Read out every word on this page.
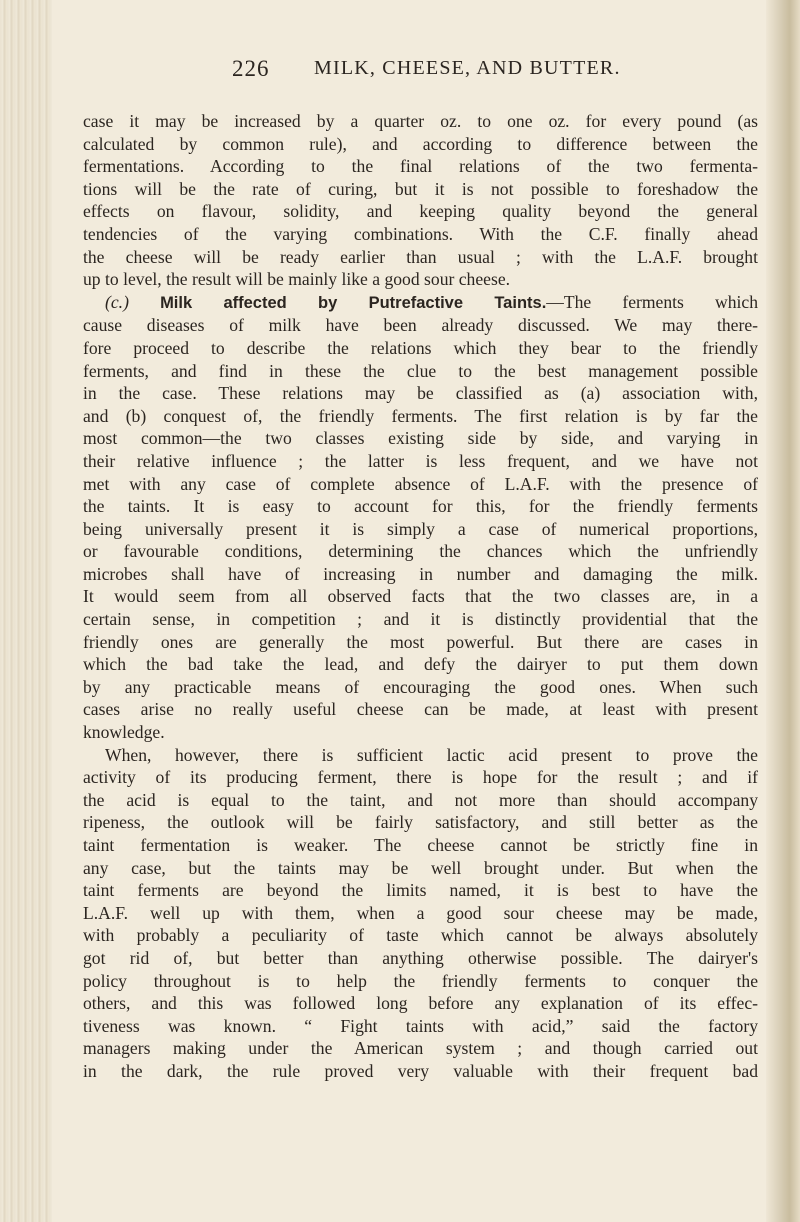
226 MILK, CHEESE, AND BUTTER.
case it may be increased by a quarter oz. to one oz. for every pound (as
calculated by common rule), and according to difference between the
fermentations. According to the final relations of the two fermenta-
tions will be the rate of curing, but it is not possible to foreshadow the
effects on flavour, solidity, and keeping quality beyond the general
tendencies of the varying combinations. With the C.F. finally ahead
the cheese will be ready earlier than usual ; with the L.A.F. brought
up to level, the result will be mainly like a good sour cheese.
(c.) Milk affected by Putrefactive Taints.—The ferments which
cause diseases of milk have been already discussed. We may there-
fore proceed to describe the relations which they bear to the friendly
ferments, and find in these the clue to the best management possible
in the case. These relations may be classified as (a) association with,
and (b) conquest of, the friendly ferments. The first relation is by far the
most common—the two classes existing side by side, and varying in
their relative influence ; the latter is less frequent, and we have not
met with any case of complete absence of L.A.F. with the presence of
the taints. It is easy to account for this, for the friendly ferments
being universally present it is simply a case of numerical proportions,
or favourable conditions, determining the chances which the unfriendly
microbes shall have of increasing in number and damaging the milk.
It would seem from all observed facts that the two classes are, in a
certain sense, in competition ; and it is distinctly providential that the
friendly ones are generally the most powerful. But there are cases in
which the bad take the lead, and defy the dairyer to put them down
by any practicable means of encouraging the good ones. When such
cases arise no really useful cheese can be made, at least with present
knowledge.
When, however, there is sufficient lactic acid present to prove the
activity of its producing ferment, there is hope for the result ; and if
the acid is equal to the taint, and not more than should accompany
ripeness, the outlook will be fairly satisfactory, and still better as the
taint fermentation is weaker. The cheese cannot be strictly fine in
any case, but the taints may be well brought under. But when the
taint ferments are beyond the limits named, it is best to have the
L.A.F. well up with them, when a good sour cheese may be made,
with probably a peculiarity of taste which cannot be always absolutely
got rid of, but better than anything otherwise possible. The dairyer's
policy throughout is to help the friendly ferments to conquer the
others, and this was followed long before any explanation of its effec-
tiveness was known. “ Fight taints with acid,” said the factory
managers making under the American system ; and though carried out
in the dark, the rule proved very valuable with their frequent bad
